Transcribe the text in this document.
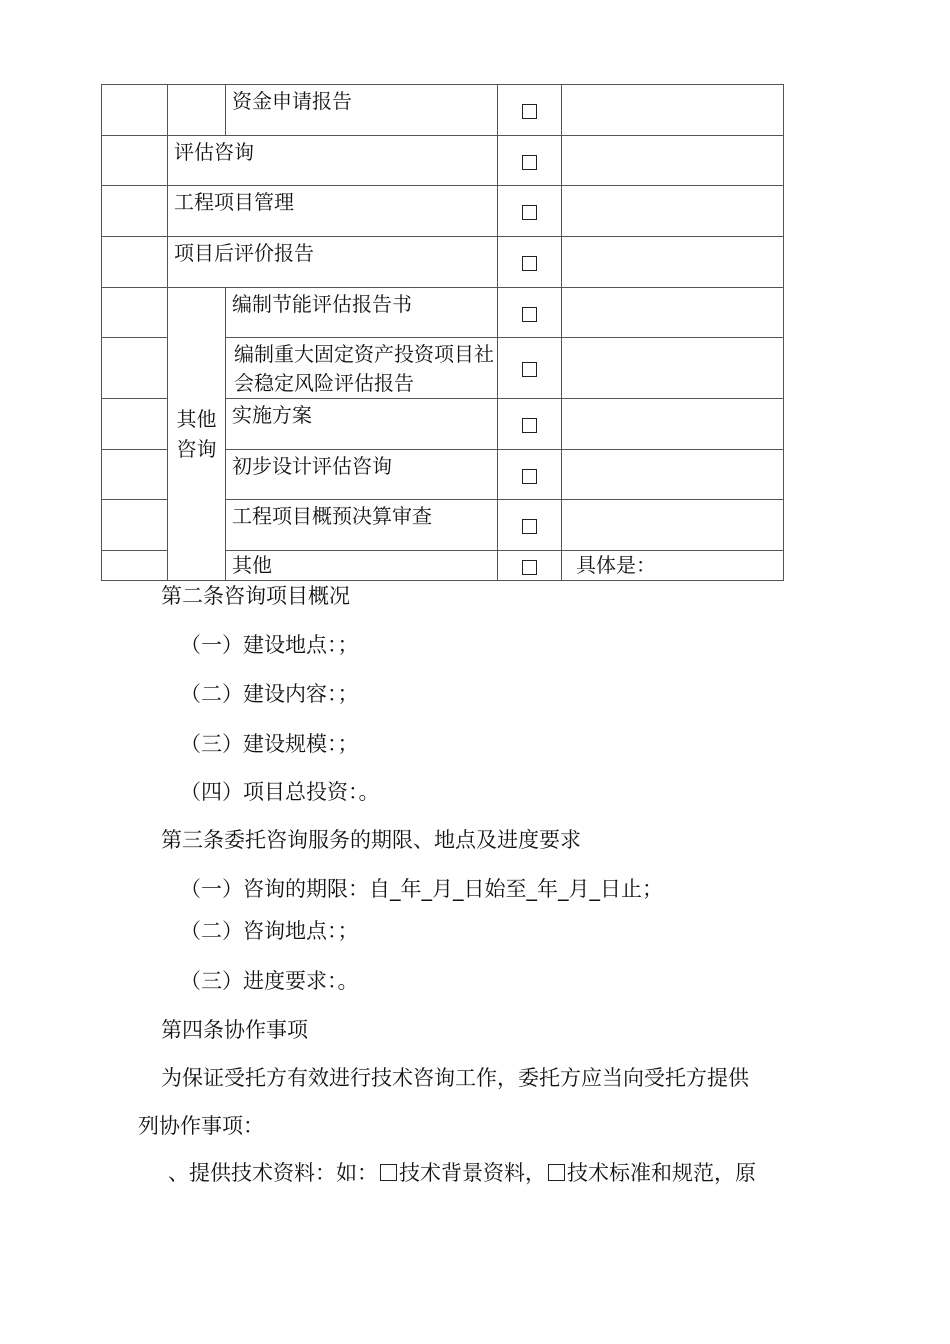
		资金申请报告		
	评估咨询			
	工程项目管理			
	项目后评价报告			
	其他咨询	编制节能评估报告书		
		编制重大固定资产投资项目社会稳定风险评估报告		
		实施方案		
		初步设计评估咨询		
		工程项目概预决算审查		
		其他		具体是：

第二条咨询项目概况

（一）建设地点：；

（二）建设内容：；

（三）建设规模：；

（四）项目总投资：。

第三条委托咨询服务的期限、地点及进度要求

（一）咨询的期限：自_年_月_日始至_年_月_日止；

（二）咨询地点：；

（三）进度要求：。

第四条协作事项

为保证受托方有效进行技术咨询工作，委托方应当向受托方提供

列协作事项：

、提供技术资料：如： 技术背景资料， 技术标准和规范，原
